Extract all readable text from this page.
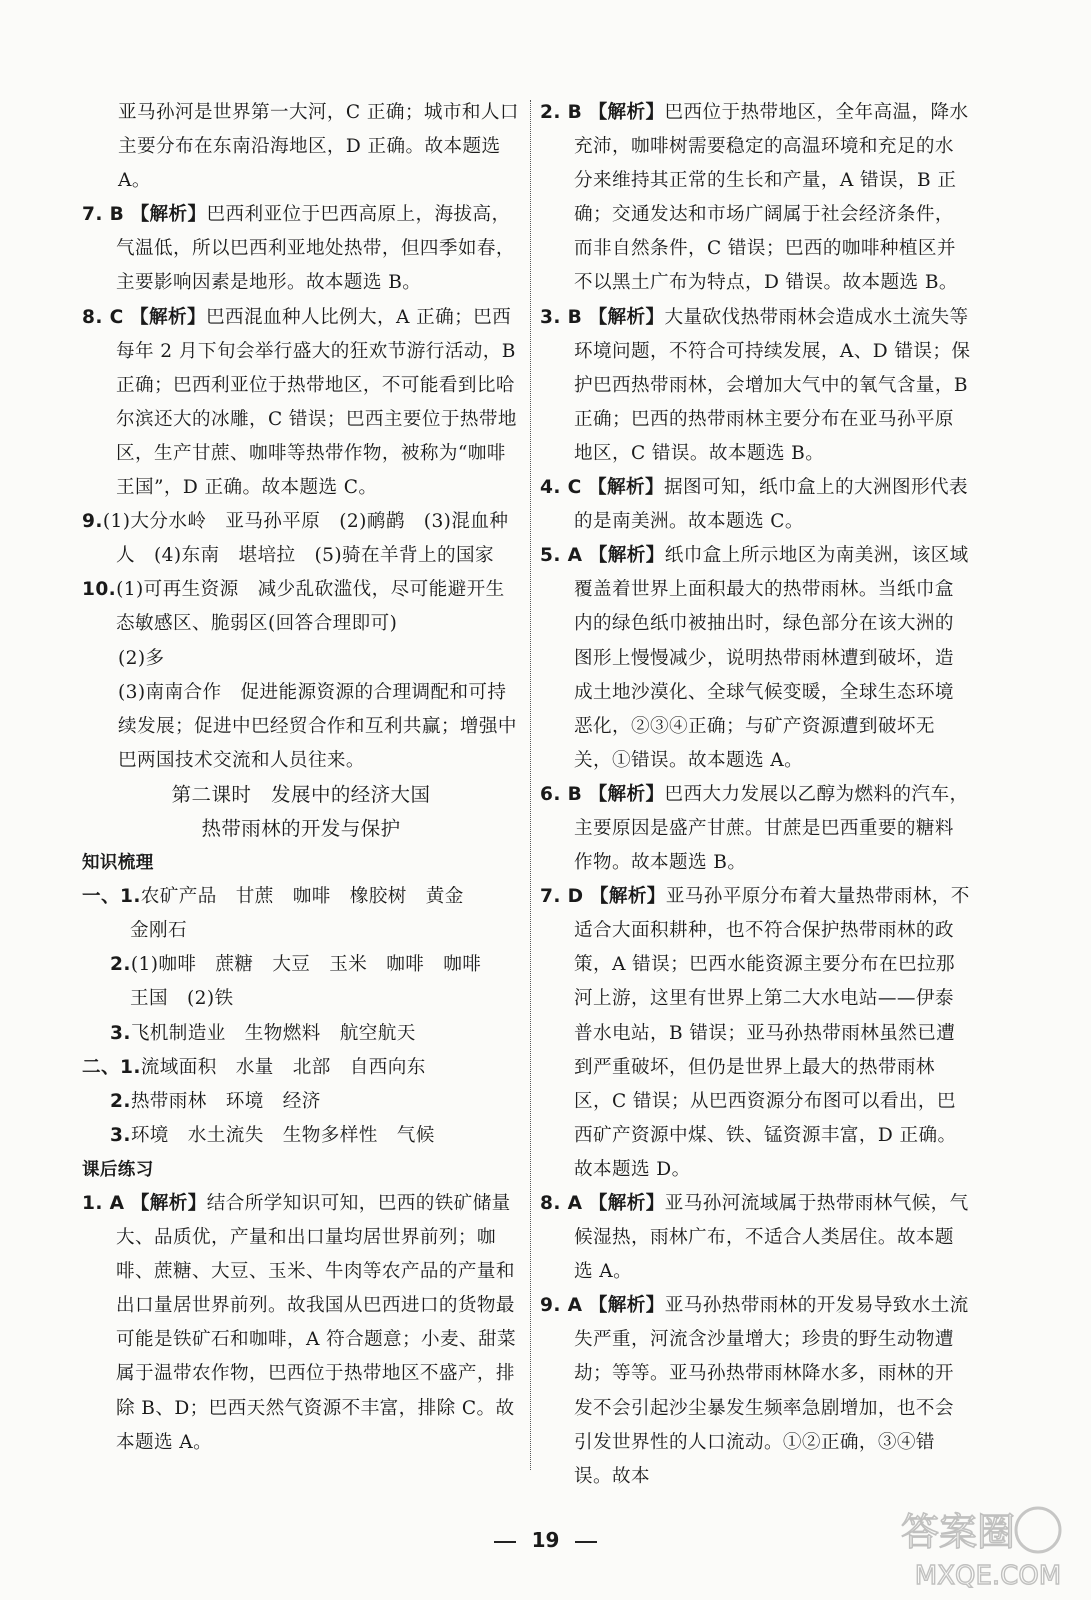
亚马孙河是世界第一大河，C 正确；城市和人口主要分布在东南沿海地区，D 正确。故本题选 A。

7. B 【解析】巴西利亚位于巴西高原上，海拔高，气温低，所以巴西利亚地处热带，但四季如春，主要影响因素是地形。故本题选 B。

8. C 【解析】巴西混血种人比例大，A 正确；巴西每年 2 月下旬会举行盛大的狂欢节游行活动，B 正确；巴西利亚位于热带地区，不可能看到比哈尔滨还大的冰雕，C 错误；巴西主要位于热带地区，生产甘蔗、咖啡等热带作物，被称为“咖啡王国”，D 正确。故本题选 C。

9.(1)大分水岭　亚马孙平原　(2)鸸鹋　(3)混血种人　(4)东南　堪培拉　(5)骑在羊背上的国家

10.(1)可再生资源　减少乱砍滥伐，尽可能避开生态敏感区、脆弱区(回答合理即可)

(2)多

(3)南南合作　促进能源资源的合理调配和可持续发展；促进中巴经贸合作和互利共赢；增强中巴两国技术交流和人员往来。

第二课时　发展中的经济大国

热带雨林的开发与保护

知识梳理

一、1.农矿产品　甘蔗　咖啡　橡胶树　黄金

金刚石

2.(1)咖啡　蔗糖　大豆　玉米　咖啡　咖啡

王国　(2)铁

3.飞机制造业　生物燃料　航空航天

二、1.流域面积　水量　北部　自西向东

2.热带雨林　环境　经济

3.环境　水土流失　生物多样性　气候

课后练习

1. A 【解析】结合所学知识可知，巴西的铁矿储量大、品质优，产量和出口量均居世界前列；咖啡、蔗糖、大豆、玉米、牛肉等农产品的产量和出口量居世界前列。故我国从巴西进口的货物最可能是铁矿石和咖啡，A 符合题意；小麦、甜菜属于温带农作物，巴西位于热带地区不盛产，排除 B、D；巴西天然气资源不丰富，排除 C。故本题选 A。

2. B 【解析】巴西位于热带地区，全年高温，降水充沛，咖啡树需要稳定的高温环境和充足的水分来维持其正常的生长和产量，A 错误，B 正确；交通发达和市场广阔属于社会经济条件，而非自然条件，C 错误；巴西的咖啡种植区并不以黑土广布为特点，D 错误。故本题选 B。

3. B 【解析】大量砍伐热带雨林会造成水土流失等环境问题，不符合可持续发展，A、D 错误；保护巴西热带雨林，会增加大气中的氧气含量，B 正确；巴西的热带雨林主要分布在亚马孙平原地区，C 错误。故本题选 B。

4. C 【解析】据图可知，纸巾盒上的大洲图形代表的是南美洲。故本题选 C。

5. A 【解析】纸巾盒上所示地区为南美洲，该区域覆盖着世界上面积最大的热带雨林。当纸巾盒内的绿色纸巾被抽出时，绿色部分在该大洲的图形上慢慢减少，说明热带雨林遭到破坏，造成土地沙漠化、全球气候变暖，全球生态环境恶化，②③④正确；与矿产资源遭到破坏无关，①错误。故本题选 A。

6. B 【解析】巴西大力发展以乙醇为燃料的汽车，主要原因是盛产甘蔗。甘蔗是巴西重要的糖料作物。故本题选 B。

7. D 【解析】亚马孙平原分布着大量热带雨林，不适合大面积耕种，也不符合保护热带雨林的政策，A 错误；巴西水能资源主要分布在巴拉那河上游，这里有世界上第二大水电站——伊泰普水电站，B 错误；亚马孙热带雨林虽然已遭到严重破坏，但仍是世界上最大的热带雨林区，C 错误；从巴西资源分布图可以看出，巴西矿产资源中煤、铁、锰资源丰富，D 正确。故本题选 D。

8. A 【解析】亚马孙河流域属于热带雨林气候，气候湿热，雨林广布，不适合人类居住。故本题选 A。

9. A 【解析】亚马孙热带雨林的开发易导致水土流失严重，河流含沙量增大；珍贵的野生动物遭劫；等等。亚马孙热带雨林降水多，雨林的开发不会引起沙尘暴发生频率急剧增加，也不会引发世界性的人口流动。①②正确，③④错误。故本

19	答案圈
MXQE.COM
